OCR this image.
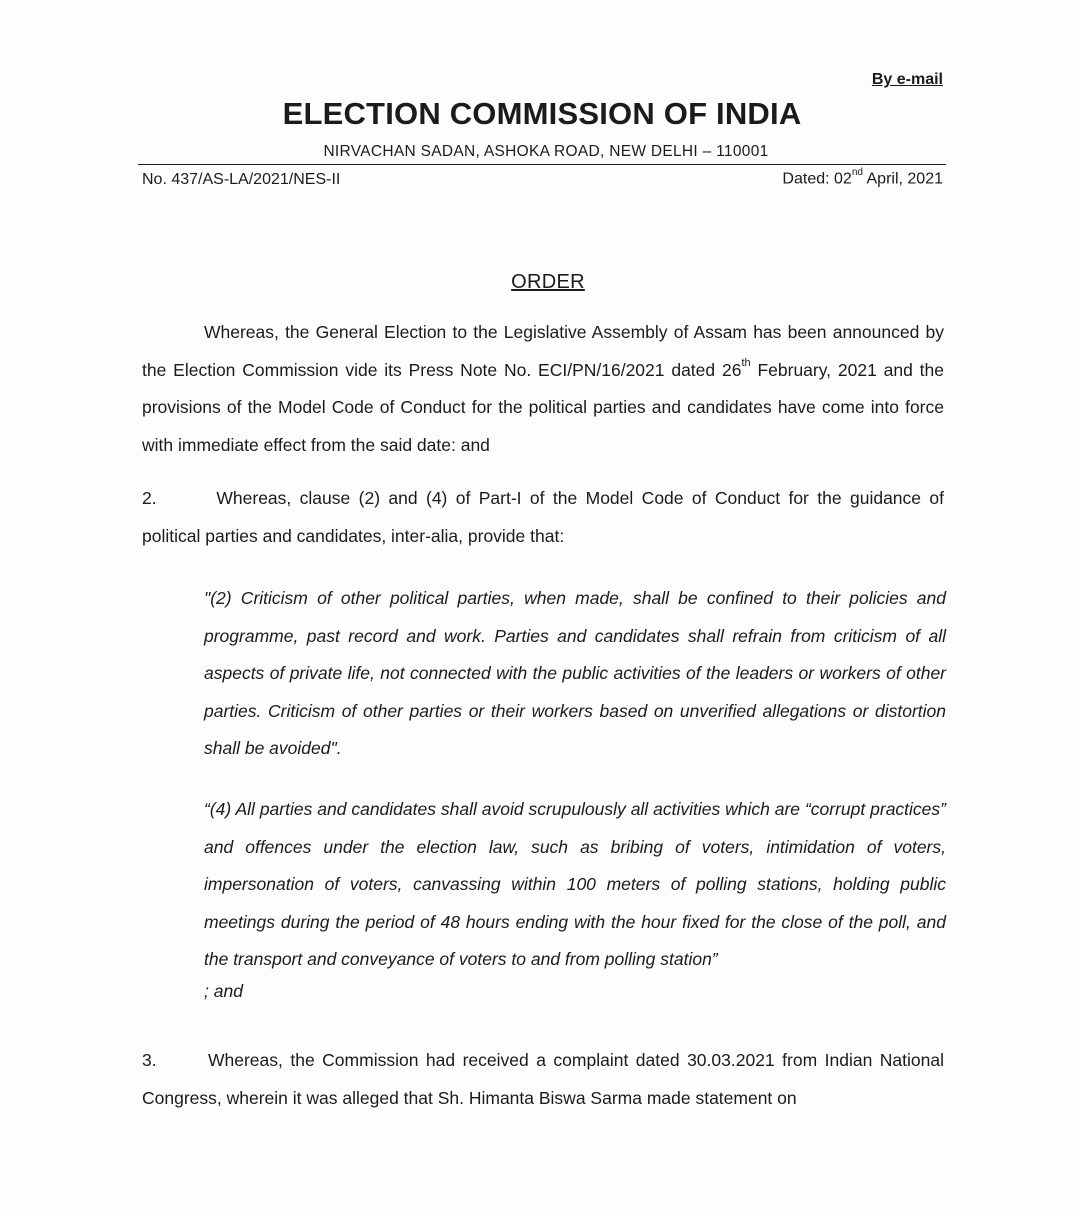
By e-mail
ELECTION COMMISSION OF INDIA
NIRVACHAN SADAN, ASHOKA ROAD, NEW DELHI – 110001
No. 437/AS-LA/2021/NES-II	Dated: 02nd April, 2021
ORDER
Whereas, the General Election to the Legislative Assembly of Assam has been announced by the Election Commission vide its Press Note No. ECI/PN/16/2021 dated 26th February, 2021 and the provisions of the Model Code of Conduct for the political parties and candidates have come into force with immediate effect from the said date: and
2.	Whereas, clause (2) and (4) of Part-I of the Model Code of Conduct for the guidance of political parties and candidates, inter-alia, provide that:
"(2) Criticism of other political parties, when made, shall be confined to their policies and programme, past record and work. Parties and candidates shall refrain from criticism of all aspects of private life, not connected with the public activities of the leaders or workers of other parties. Criticism of other parties or their workers based on unverified allegations or distortion shall be avoided".
“(4) All parties and candidates shall avoid scrupulously all activities which are “corrupt practices” and offences under the election law, such as bribing of voters, intimidation of voters, impersonation of voters, canvassing within 100 meters of polling stations, holding public meetings during the period of 48 hours ending with the hour fixed for the close of the poll, and the transport and conveyance of voters to and from polling station”
; and
3.	Whereas, the Commission had received a complaint dated 30.03.2021 from Indian National Congress, wherein it was alleged that Sh. Himanta Biswa Sarma made statement on
